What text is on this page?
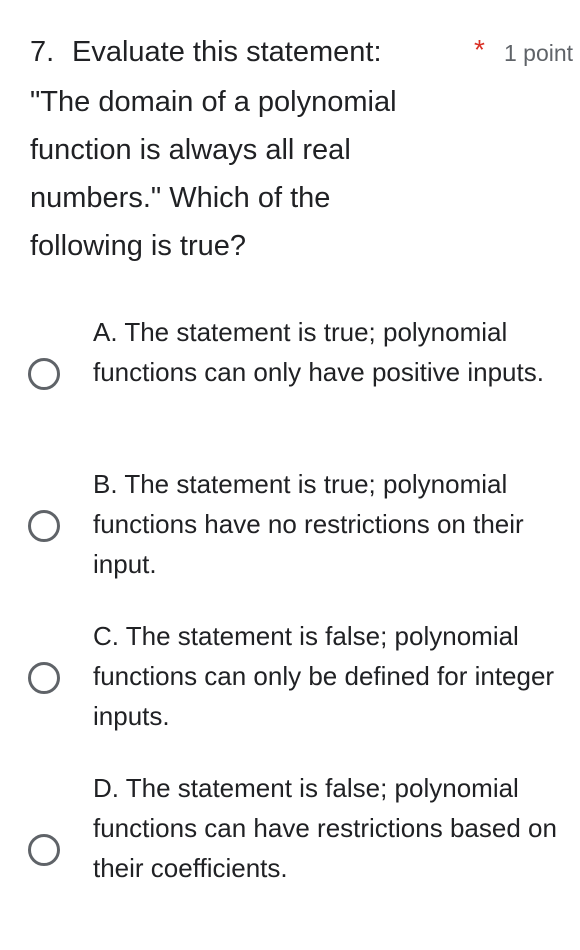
7. Evaluate this statement:	* 1 point
"The domain of a polynomial function is always all real numbers." Which of the following is true?
A. The statement is true; polynomial functions can only have positive inputs.
B. The statement is true; polynomial functions have no restrictions on their input.
C. The statement is false; polynomial functions can only be defined for integer inputs.
D. The statement is false; polynomial functions can have restrictions based on their coefficients.
